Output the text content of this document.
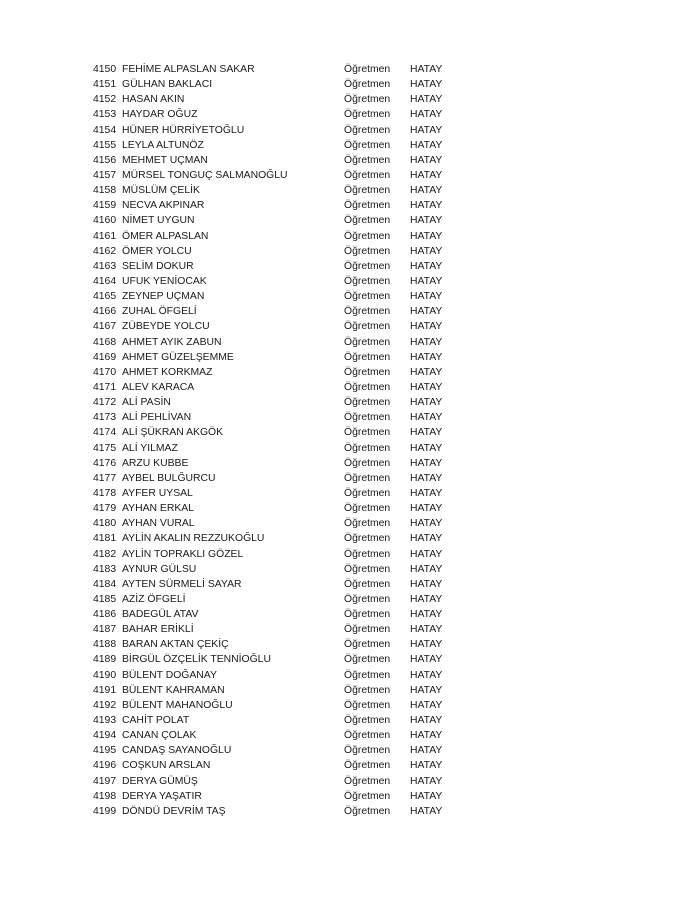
4150 FEHİME ALPASLAN SAKAR	Öğretmen	HATAY
4151 GÜLHAN BAKLACI	Öğretmen	HATAY
4152 HASAN AKIN	Öğretmen	HATAY
4153 HAYDAR OĞUZ	Öğretmen	HATAY
4154 HÜNER HÜRRİYETOĞLU	Öğretmen	HATAY
4155 LEYLA ALTUNÖZ	Öğretmen	HATAY
4156 MEHMET UÇMAN	Öğretmen	HATAY
4157 MÜRSEL TONGUÇ SALMANOĞLU	Öğretmen	HATAY
4158 MÜSLÜM ÇELİK	Öğretmen	HATAY
4159 NECVA AKPINAR	Öğretmen	HATAY
4160 NİMET UYGUN	Öğretmen	HATAY
4161 ÖMER ALPASLAN	Öğretmen	HATAY
4162 ÖMER YOLCU	Öğretmen	HATAY
4163 SELİM DOKUR	Öğretmen	HATAY
4164 UFUK YENİOCAK	Öğretmen	HATAY
4165 ZEYNEP UÇMAN	Öğretmen	HATAY
4166 ZUHAL ÖFGELİ	Öğretmen	HATAY
4167 ZÜBEYDE YOLCU	Öğretmen	HATAY
4168 AHMET AYIK ZABUN	Öğretmen	HATAY
4169 AHMET GÜZELŞEMME	Öğretmen	HATAY
4170 AHMET KORKMAZ	Öğretmen	HATAY
4171 ALEV KARACA	Öğretmen	HATAY
4172 ALİ PASİN	Öğretmen	HATAY
4173 ALİ PEHLİVAN	Öğretmen	HATAY
4174 ALİ ŞÜKRAN AKGÖK	Öğretmen	HATAY
4175 ALİ YILMAZ	Öğretmen	HATAY
4176 ARZU KUBBE	Öğretmen	HATAY
4177 AYBEL BULĞURCU	Öğretmen	HATAY
4178 AYFER UYSAL	Öğretmen	HATAY
4179 AYHAN ERKAL	Öğretmen	HATAY
4180 AYHAN VURAL	Öğretmen	HATAY
4181 AYLİN AKALIN REZZUKOĞLU	Öğretmen	HATAY
4182 AYLİN TOPRAKLI GÖZEL	Öğretmen	HATAY
4183 AYNUR GÜLSU	Öğretmen	HATAY
4184 AYTEN SÜRMELİ SAYAR	Öğretmen	HATAY
4185 AZİZ ÖFGELİ	Öğretmen	HATAY
4186 BADEGÜL ATAV	Öğretmen	HATAY
4187 BAHAR ERİKLİ	Öğretmen	HATAY
4188 BARAN AKTAN ÇEKİÇ	Öğretmen	HATAY
4189 BİRGÜL ÖZÇELİK TENNİOĞLU	Öğretmen	HATAY
4190 BÜLENT DOĞANAY	Öğretmen	HATAY
4191 BÜLENT KAHRAMAN	Öğretmen	HATAY
4192 BÜLENT MAHANOĞLU	Öğretmen	HATAY
4193 CAHİT POLAT	Öğretmen	HATAY
4194 CANAN ÇOLAK	Öğretmen	HATAY
4195 CANDAŞ SAYANOĞLU	Öğretmen	HATAY
4196 COŞKUN ARSLAN	Öğretmen	HATAY
4197 DERYA GÜMÜŞ	Öğretmen	HATAY
4198 DERYA YAŞATIR	Öğretmen	HATAY
4199 DÖNDÜ DEVRİM TAŞ	Öğretmen	HATAY
